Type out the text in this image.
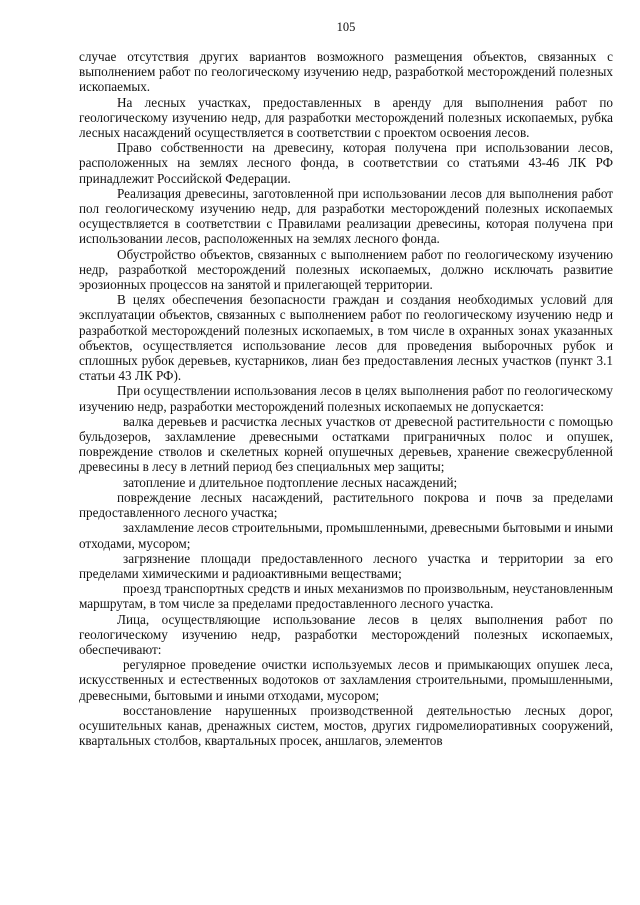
105

случае отсутствия других вариантов возможного размещения объектов, связанных с выполнением работ по геологическому изучению недр, разработкой месторождений полезных ископаемых.

На лесных участках, предоставленных в аренду для выполнения работ по геологическому изучению недр, для разработки месторождений полезных ископаемых, рубка лесных насаждений осуществляется в соответствии с проектом освоения лесов.

Право собственности на древесину, которая получена при использовании лесов, расположенных на землях лесного фонда, в соответствии со статьями 43-46 ЛК РФ принадлежит Российской Федерации.

Реализация древесины, заготовленной при использовании лесов для выполнения работ пол геологическому изучению недр, для разработки месторождений полезных ископаемых осуществляется в соответствии с Правилами реализации древесины, которая получена при использовании лесов, расположенных на землях лесного фонда.

Обустройство объектов, связанных с выполнением работ по геологическому изучению недр, разработкой месторождений полезных ископаемых, должно исключать развитие эрозионных процессов на занятой и прилегающей территории.

В целях обеспечения безопасности граждан и создания необходимых условий для эксплуатации объектов, связанных с выполнением работ по геологическому изучению недр и разработкой месторождений полезных ископаемых, в том числе в охранных зонах указанных объектов, осуществляется использование лесов для проведения выборочных рубок и сплошных рубок деревьев, кустарников, лиан без предоставления лесных участков (пункт 3.1 статьи 43 ЛК РФ).

При осуществлении использования лесов в целях выполнения работ по геологическому изучению недр, разработки месторождений полезных ископаемых не допускается:

валка деревьев и расчистка лесных участков от древесной растительности с помощью бульдозеров, захламление древесными остатками приграничных полос и опушек, повреждение стволов и скелетных корней опушечных деревьев, хранение свежесрубленной древесины в лесу в летний период без специальных мер защиты;

затопление и длительное подтопление лесных насаждений;

повреждение лесных насаждений, растительного покрова и почв за пределами предоставленного лесного участка;

захламление лесов строительными, промышленными, древесными бытовыми и иными отходами, мусором;

загрязнение площади предоставленного лесного участка и территории за его пределами химическими и радиоактивными веществами;

проезд транспортных средств и иных механизмов по произвольным, неустановленным маршрутам, в том числе за пределами предоставленного лесного участка.

Лица, осуществляющие использование лесов в целях выполнения работ по геологическому изучению недр, разработки месторождений полезных ископаемых, обеспечивают:

регулярное проведение очистки используемых лесов и примыкающих опушек леса, искусственных и естественных водотоков от захламления строительными, промышленными, древесными, бытовыми и иными отходами, мусором;

восстановление нарушенных производственной деятельностью лесных дорог, осушительных канав, дренажных систем, мостов, других гидромелиоративных сооружений, квартальных столбов, квартальных просек, аншлагов, элементов
